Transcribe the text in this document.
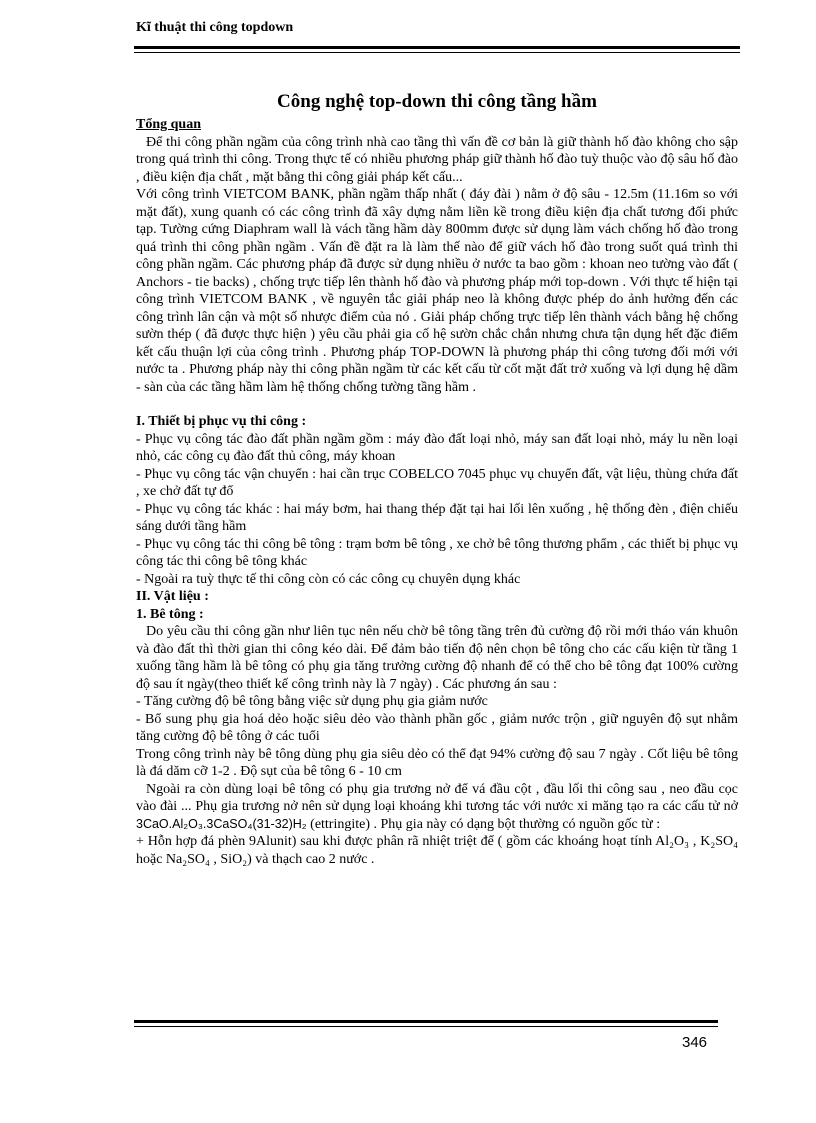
Kĩ thuật thi công topdown

Công nghệ top-down thi công tầng hầm

Tổng quan

Để thi công phần ngầm của công trình nhà cao tầng thì vấn đề cơ bản là giữ thành hố đào không cho sập trong quá trình thi công. Trong thực tế có nhiều phương pháp giữ thành hố đào tuỳ thuộc vào độ sâu hố đào , điều kiện địa chất , mặt bằng thi công giải pháp kết cấu...

Với công trình VIETCOM BANK, phần ngầm thấp nhất ( đáy đài ) nằm ở độ sâu - 12.5m (11.16m so với mặt đất), xung quanh có các công trình đã xây dựng nằm liền kề trong điều kiện địa chất tương đối phức tạp. Tường cứng Diaphram wall là vách tầng hầm dày 800mm được sử dụng làm vách chống hố đào trong quá trình thi công phần ngầm . Vấn đề đặt ra là làm thế nào để giữ vách hố đào trong suốt quá trình thi công phần ngầm. Các phương pháp đã được sử dụng nhiều ở nước ta bao gồm : khoan neo tường vào đất ( Anchors - tie backs) , chống trực tiếp lên thành hố đào và phương pháp mới top-down . Với thực tế hiện tại công trình VIETCOM BANK , về nguyên tắc giải pháp neo là không được phép do ảnh hưởng đến các công trình lân cận và một số nhược điểm của nó . Giải pháp chống trực tiếp lên thành vách bằng hệ chống sườn thép ( đã được thực hiện ) yêu cầu phải gia cố hệ sườn chắc chắn nhưng chưa tận dụng hết đặc điểm kết cấu thuận lợi của công trình . Phương pháp TOP-DOWN là phương pháp thi công tương đối mới với nước ta . Phương pháp này thi công phần ngầm từ các kết cấu từ cốt mặt đất trở xuống và lợi dụng hệ dầm - sàn của các tầng hầm làm hệ thống chống tường tầng hầm .

I. Thiết bị phục vụ thi công :

- Phục vụ công tác đào đất phần ngầm gồm : máy đào đất loại nhỏ, máy san đất loại nhỏ, máy lu nền loại nhỏ, các công cụ đào đất thủ công, máy khoan

- Phục vụ công tác vận chuyển : hai cần trục COBELCO 7045 phục vụ chuyển đất, vật liệu, thùng chứa đất , xe chở đất tự đổ

- Phục vụ công tác khác : hai máy bơm, hai thang thép đặt tại hai lối lên xuống , hệ thống đèn , điện chiếu sáng dưới tầng hầm

- Phục vụ công tác thi công bê tông : trạm bơm bê tông , xe chở bê tông thương phẩm , các thiết bị phục vụ công tác thi công bê tông khác

- Ngoài ra tuỳ thực tế thi công còn có các công cụ chuyên dụng khác

II. Vật liệu :

1. Bê tông :

Do yêu cầu thi công gần như liên tục nên nếu chờ bê tông tầng trên đủ cường độ rồi mới tháo ván khuôn và đào đất thì thời gian thi công kéo dài. Để đảm bảo tiến độ nên chọn bê tông cho các cấu kiện từ tầng 1 xuống tầng hầm là bê tông có phụ gia tăng trưởng cường độ nhanh để có thể cho bê tông đạt 100% cường độ sau ít ngày(theo thiết kế công trình này là 7 ngày) . Các phương án sau :

- Tăng cường độ bê tông bằng việc sử dụng phụ gia giảm nước

- Bổ sung phụ gia hoá dẻo hoặc siêu dẻo vào thành phần gốc , giảm nước trộn , giữ nguyên độ sụt nhằm tăng cường độ bê tông ở các tuổi

Trong công trình này bê tông dùng phụ gia siêu dẻo có thể đạt 94% cường độ sau 7 ngày . Cốt liệu bê tông là đá dăm cỡ 1-2 . Độ sụt của bê tông 6 - 10 cm

Ngoài ra còn dùng loại bê tông có phụ gia trương nở để vá đầu cột , đầu lối thi công sau , neo đầu cọc vào đài ... Phụ gia trương nở nên sử dụng loại khoáng khi tương tác với nước xi măng tạo ra các cấu tử nở 3CaO.Al₂O₃.3CaSO₄(31-32)H₂ (ettringite) . Phụ gia này có dạng bột thường có nguồn gốc từ :

+ Hỗn hợp đá phèn 9Alunit) sau khi được phân rã nhiệt triệt để ( gồm các khoáng hoạt tính Al₂O₃ , K₂SO₄ hoặc Na₂SO₄ , SiO₂) và thạch cao 2 nước .

346
